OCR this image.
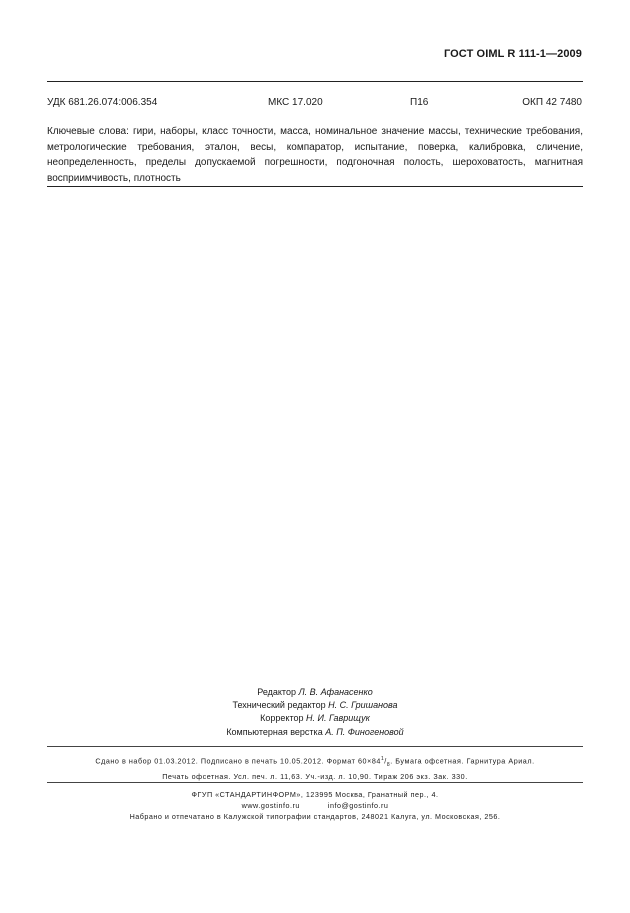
ГОСТ OIML R 111-1—2009
УДК 681.26.074:006.354	МКС 17.020	П16	ОКП 42 7480
Ключевые слова: гири, наборы, класс точности, масса, номинальное значение массы, технические требования, метрологические требования, эталон, весы, компаратор, испытание, поверка, калибровка, сличение, неопределенность, пределы допускаемой погрешности, подгоночная полость, шероховатость, магнитная восприимчивость, плотность
Редактор Л. В. Афанасенко
Технический редактор Н. С. Гришанова
Корректор Н. И. Гаврищук
Компьютерная верстка А. П. Финогеновой
Сдано в набор 01.03.2012. Подписано в печать 10.05.2012. Формат $60\times 84^1/_8$. Бумага офсетная. Гарнитура Ариал.
Печать офсетная. Усл. печ. л. 11,63. Уч.-изд. л. 10,90. Тираж 206 экз. Зак. 330.
ФГУП «СТАНДАРТИНФОРМ», 123995 Москва, Гранатный пер., 4.
www.gostinfo.ru	info@gostinfo.ru
Набрано и отпечатано в Калужской типографии стандартов, 248021 Калуга, ул. Московская, 256.
